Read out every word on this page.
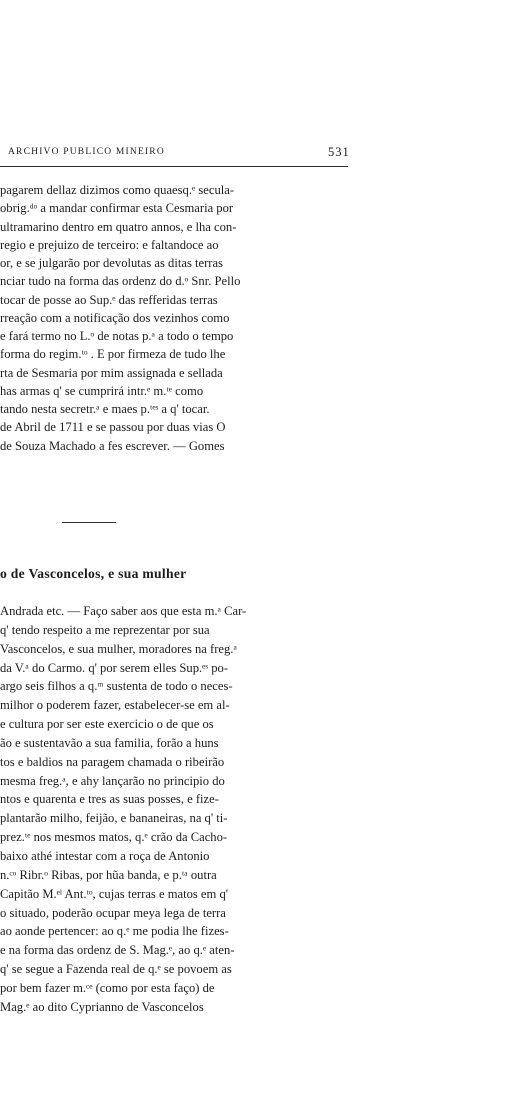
ARCHIVO PUBLICO MINEIRO	531
pagarem dellaz dizimos como quaesq.ᵉ secula-
obrig.ᵈᵒ a mandar confirmar esta Cesmaria por
ultramarino dentro em quatro annos, e lha con-
regio e prejuizo de terceiro: e faltandoce ao
or, e se julgarão por devolutas as ditas terras
nciar tudo na forma das ordenz do d.ᵒ Snr. Pello
tocar de posse ao Sup.ᵉ das refferidas terras
rreação com a notificação dos vezinhos como
e fará termo no L.ᵒ de notas p.ᵃ a todo o tempo
forma do regim.ᵗᵒ . E por firmeza de tudo lhe
rta de Sesmaria por mim assignada e sellada
has armas q' se cumprirá intr.ᵉ m.ᵗᵉ como
tando nesta secretr.ᵃ e maes p.ᵗᵉˢ a q' tocar.
de Abril de 1711 e se passou por duas vias O
de Souza Machado a fes escrever. — Gomes
o de Vasconcelos, e sua mulher
Andrada etc. — Faço saber aos que esta m.ᵃ Car-
q' tendo respeito a me reprezentar por sua
Vasconcelos, e sua mulher, moradores na freg.ᵃ
da V.ᵃ do Carmo. q' por serem elles Sup.ᵉˢ po-
argo seis filhos a q.ᵐ sustenta de todo o neces-
milhor o poderem fazer, estabelecer-se em al-
e cultura por ser este exercicio o de que os
ão e sustentavão a sua familia, forão a huns
tos e baldios na paragem chamada o ribeirão
mesma freg.ᵃ, e ahy lançarão no principio do
ntos e quarenta e tres as suas posses, e fize-
plantarão milho, feijão, e bananeiras, na q' ti-
prez.ᵗᵉ nos mesmos matos, q.ᵉ crão da Cacho-
baixo athé intestar com a roça de Antonio
n.ᶜᵒ Ribr.ᵒ Ribas, por hũa banda, e p.ᵗᵃ outra
Capitão M.ᵉˡ Ant.ᵗᵒ, cujas terras e matos em q'
o situado, poderão ocupar meya lega de terra
ao aonde pertencer: ao q.ᵉ me podia lhe fizes-
e na forma das ordenz de S. Mag.ᵉ, ao q.ᵉ aten-
q' se segue a Fazenda real de q.ᵉ se povoem as
por bem fazer m.ᶜᵉ (como por esta faço) de
Mag.ᵉ ao dito Cyprianno de Vasconcelos
